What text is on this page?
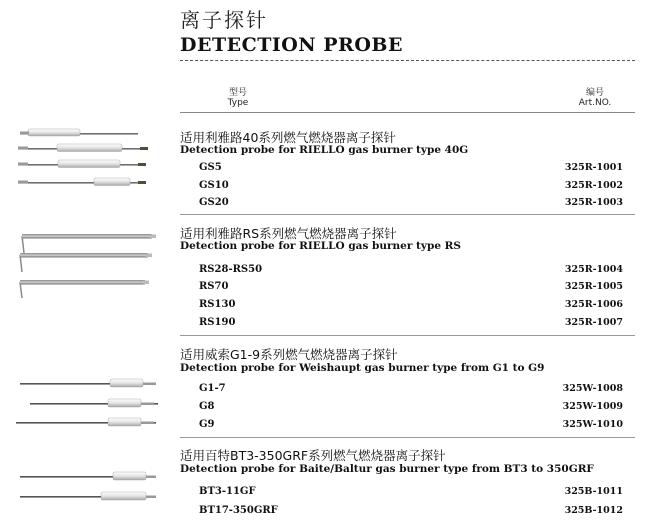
离子探针
DETECTION PROBE
型号
Type
编号
Art.NO.
适用利雅路40系列燃气燃烧器离子探针
Detection probe for RIELLO gas burner type 40G
GS5	325R-1001
GS10	325R-1002
GS20	325R-1003
适用利雅路RS系列燃气燃烧器离子探针
Detection probe for RIELLO gas burner type RS
RS28-RS50	325R-1004
RS70	325R-1005
RS130	325R-1006
RS190	325R-1007
适用威索G1-9系列燃气燃烧器离子探针
Detection probe for Weishaupt gas burner type from G1 to G9
G1-7	325W-1008
G8	325W-1009
G9	325W-1010
适用百特BT3-350GRF系列燃气燃烧器离子探针
Detection probe for Baite/Baltur gas burner type from BT3 to 350GRF
BT3-11GF	325B-1011
BT17-350GRF	325B-1012
